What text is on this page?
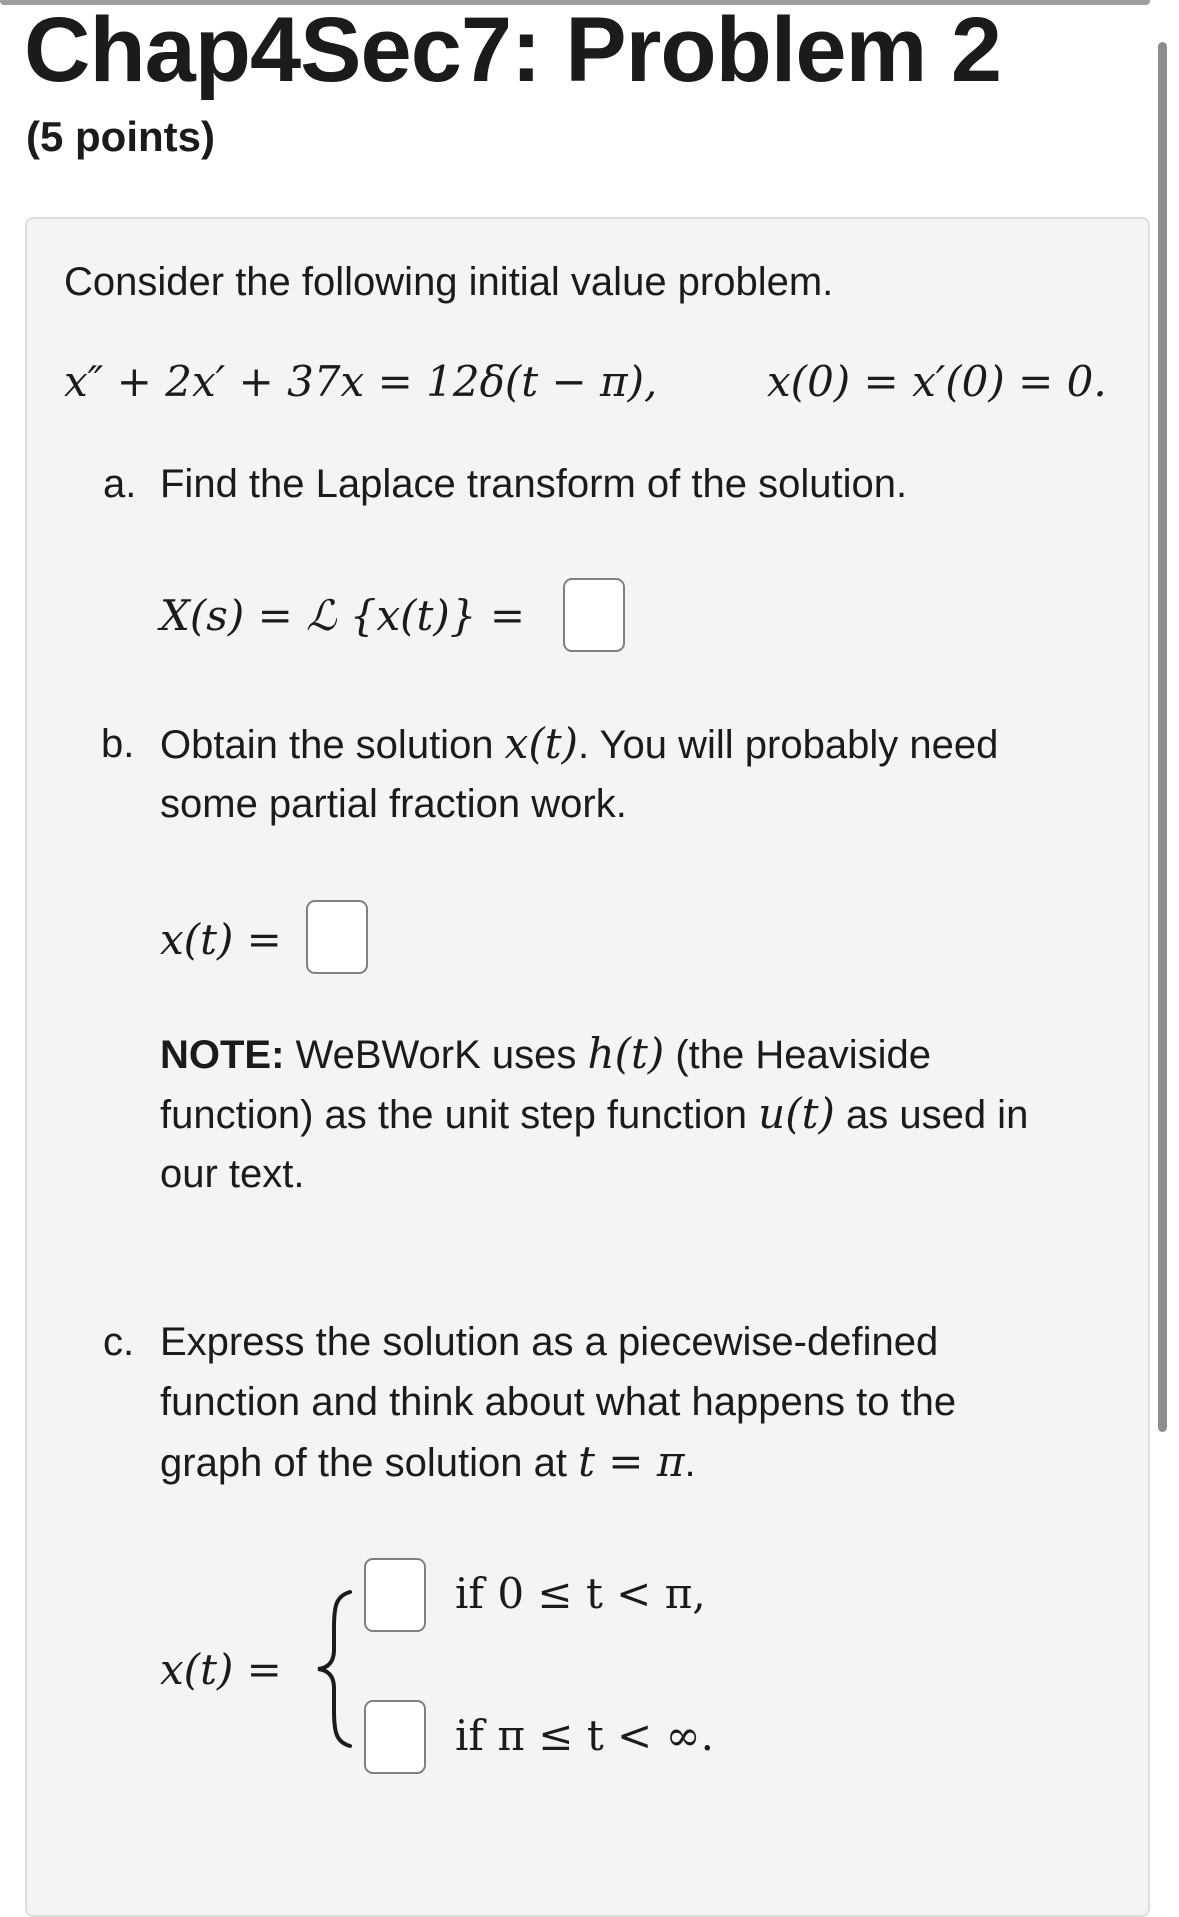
Chap4Sec7: Problem 2
(5 points)
Consider the following initial value problem.
x″ + 2x′ + 37x = 12δ(t − π),	x(0) = x′(0) = 0.
a. Find the Laplace transform of the solution.
X(s) = ℒ {x(t)} =
b. Obtain the solution x(t). You will probably need
some partial fraction work.
x(t) =
NOTE: WeBWorK uses h(t) (the Heaviside
function) as the unit step function u(t) as used in
our text.
c. Express the solution as a piecewise-defined
function and think about what happens to the
graph of the solution at t = π.
x(t) =
if 0 ≤ t < π,
if π ≤ t < ∞.
